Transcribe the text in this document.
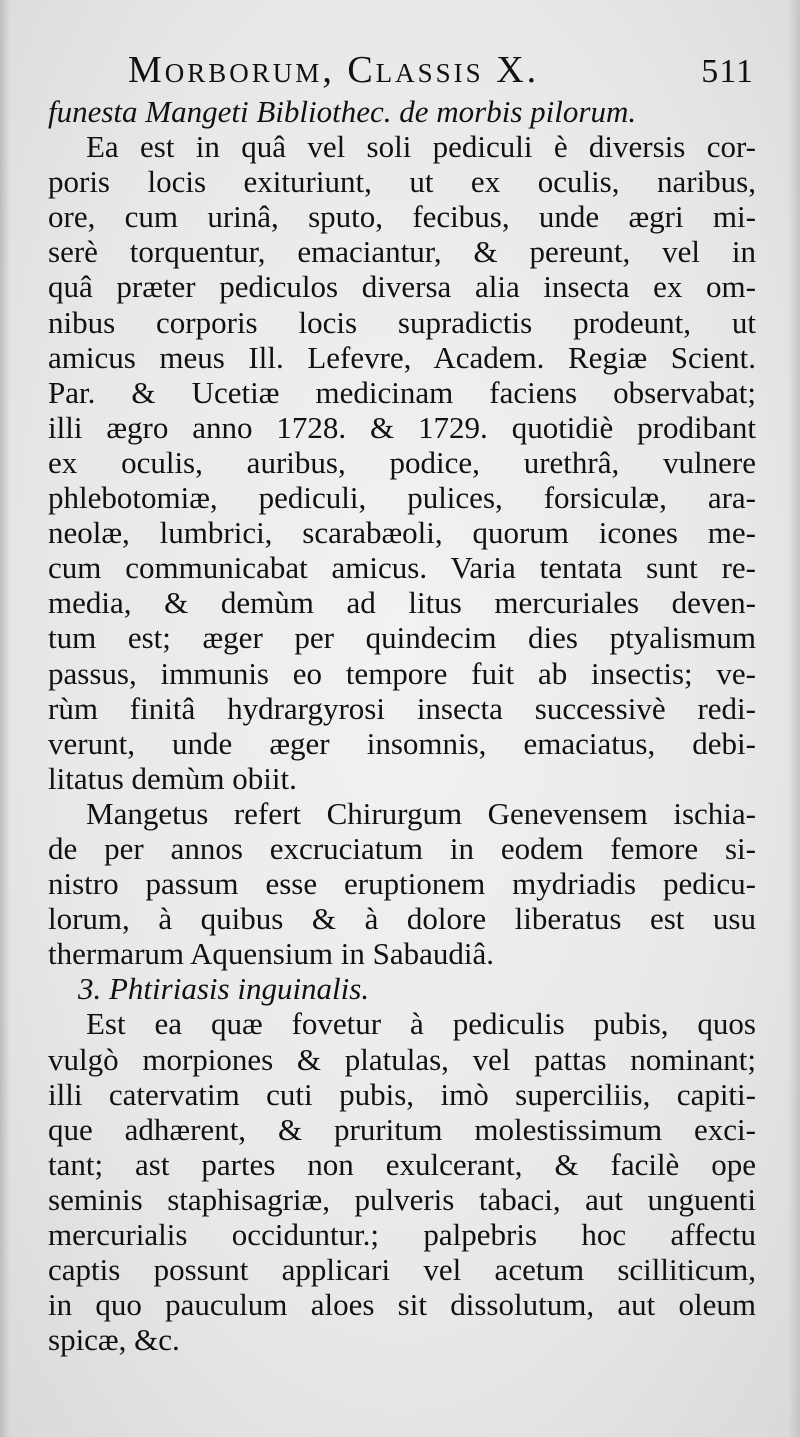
Morborum, Classis X.	511
funesta Mangeti Bibliothec. de morbis pilorum.
Ea est in quâ vel soli pediculi è diversis cor-
poris locis exituriunt, ut ex oculis, naribus,
ore, cum urinâ, sputo, fecibus, unde ægri mi-
serè torquentur, emaciantur, & pereunt, vel in
quâ præter pediculos diversa alia insecta ex om-
nibus corporis locis supradictis prodeunt, ut
amicus meus Ill. Lefevre, Academ. Regiæ Scient.
Par. & Ucetiæ medicinam faciens observabat;
illi ægro anno 1728. & 1729. quotidiè prodibant
ex oculis, auribus, podice, urethrâ, vulnere
phlebotomiæ, pediculi, pulices, forsiculæ, ara-
neolæ, lumbrici, scarabæoli, quorum icones me-
cum communicabat amicus. Varia tentata sunt re-
media, & demùm ad litus mercuriales deven-
tum est; æger per quindecim dies ptyalismum
passus, immunis eo tempore fuit ab insectis; ve-
rùm finitâ hydrargyrosi insecta successivè redi-
verunt, unde æger insomnis, emaciatus, debi-
litatus demùm obiit.
Mangetus refert Chirurgum Genevensem ischia-
de per annos excruciatum in eodem femore si-
nistro passum esse eruptionem mydriadis pedicu-
lorum, à quibus & à dolore liberatus est usu
thermarum Aquensium in Sabaudiâ.
3. Phtiriasis inguinalis.
Est ea quæ fovetur à pediculis pubis, quos
vulgò morpiones & platulas, vel pattas nominant;
illi catervatim cuti pubis, imò superciliis, capiti-
que adhærent, & pruritum molestissimum exci-
tant; ast partes non exulcerant, & facilè ope
seminis staphisagriæ, pulveris tabaci, aut unguenti
mercurialis occiduntur.; palpebris hoc affectu
captis possunt applicari vel acetum scilliticum,
in quo pauculum aloes sit dissolutum, aut oleum
spicæ, &c.
